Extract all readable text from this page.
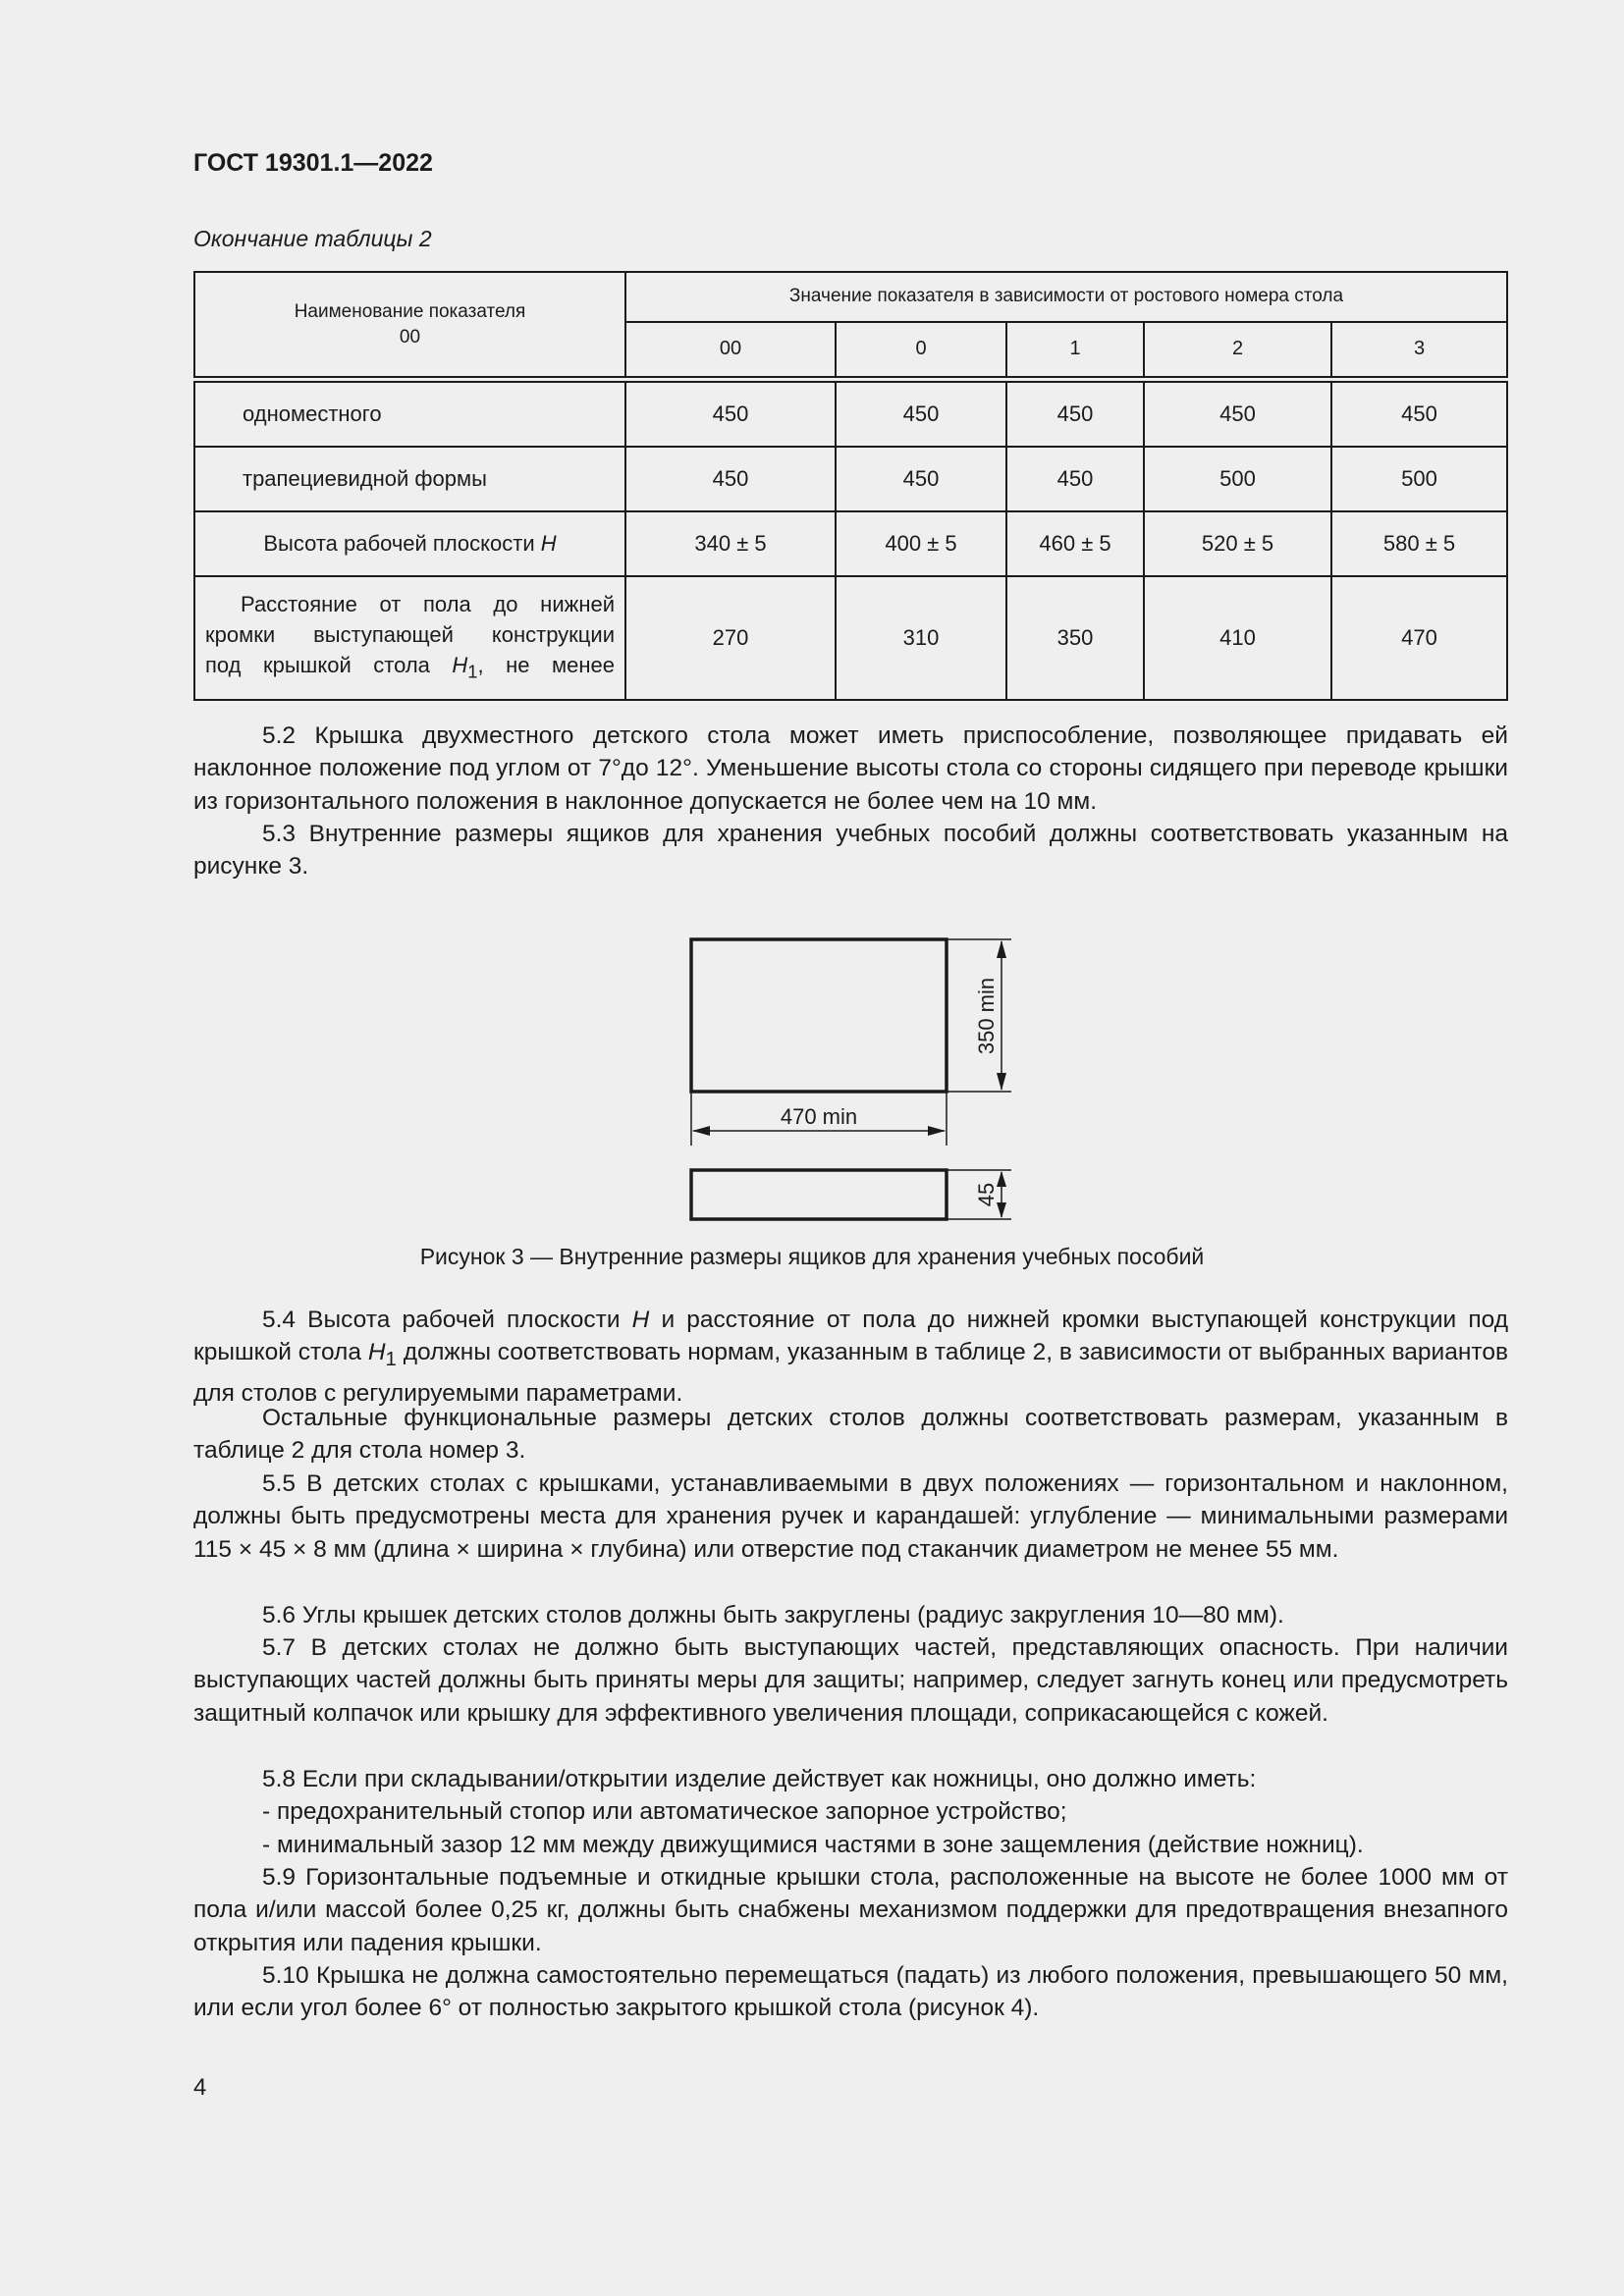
ГОСТ 19301.1—2022
Окончание таблицы 2
Наименование показателя
00	Значение показателя в зависимости от ростового номера стола				
	00	0	1	2	3
одноместного	450	450	450	450	450
трапециевидной формы	450	450	450	500	500
Высота рабочей плоскости H	340 ± 5	400 ± 5	460 ± 5	520 ± 5	580 ± 5
Расстояние от пола до нижней
кромки выступающей конструкции
под крышкой стола $H_1$, не менее	270	310	350	410	470

5.2 Крышка двухместного детского стола может иметь приспособление, позволяющее придавать ей наклонное положение под углом от 7°до 12°. Уменьшение высоты стола со стороны сидящего при переводе крышки из горизонтального положения в наклонное допускается не более чем на 10 мм.

5.3 Внутренние размеры ящиков для хранения учебных пособий должны соответствовать указанным на рисунке 3.

350 min
470 min
45
Рисунок 3 — Внутренние размеры ящиков для хранения учебных пособий

5.4 Высота рабочей плоскости H и расстояние от пола до нижней кромки выступающей конструкции под крышкой стола $H_1$ должны соответствовать нормам, указанным в таблице 2, в зависимости от выбранных вариантов для столов с регулируемыми параметрами.

Остальные функциональные размеры детских столов должны соответствовать размерам, указанным в таблице 2 для стола номер 3.

5.5 В детских столах с крышками, устанавливаемыми в двух положениях — горизонтальном и наклонном, должны быть предусмотрены места для хранения ручек и карандашей: углубление — минимальными размерами 115 × 45 × 8 мм (длина × ширина × глубина) или отверстие под стаканчик диаметром не менее 55 мм.

5.6 Углы крышек детских столов должны быть закруглены (радиус закругления 10—80 мм).

5.7 В детских столах не должно быть выступающих частей, представляющих опасность. При наличии выступающих частей должны быть приняты меры для защиты; например, следует загнуть конец или предусмотреть защитный колпачок или крышку для эффективного увеличения площади, соприкасающейся с кожей.

5.8 Если при складывании/открытии изделие действует как ножницы, оно должно иметь:

- предохранительный стопор или автоматическое запорное устройство;

- минимальный зазор 12 мм между движущимися частями в зоне защемления (действие ножниц).

5.9 Горизонтальные подъемные и откидные крышки стола, расположенные на высоте не более 1000 мм от пола и/или массой более 0,25 кг, должны быть снабжены механизмом поддержки для предотвращения внезапного открытия или падения крышки.

5.10 Крышка не должна самостоятельно перемещаться (падать) из любого положения, превышающего 50 мм, или если угол более 6° от полностью закрытого крышкой стола (рисунок 4).

4
